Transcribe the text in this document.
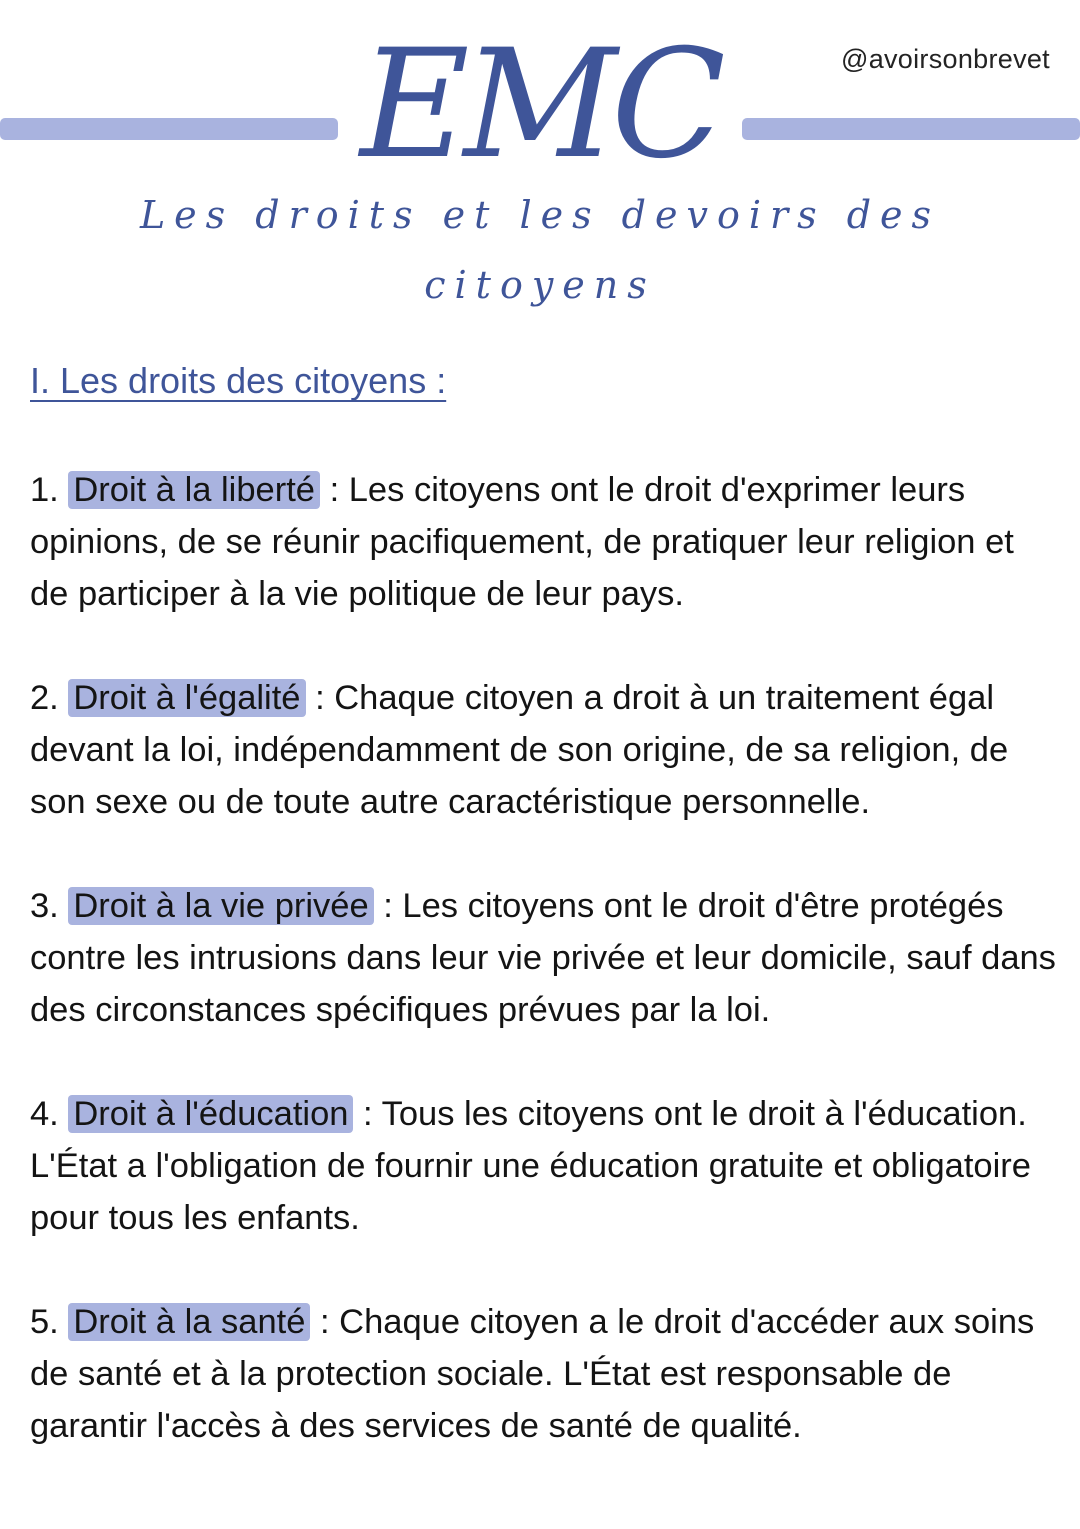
@avoirsonbrevet
EMC
Les droits et les devoirs des citoyens
I. Les droits des citoyens :

1. Droit à la liberté : Les citoyens ont le droit d'exprimer leurs opinions, de se réunir pacifiquement, de pratiquer leur religion et de participer à la vie politique de leur pays.

2. Droit à l'égalité : Chaque citoyen a droit à un traitement égal devant la loi, indépendamment de son origine, de sa religion, de son sexe ou de toute autre caractéristique personnelle.

3. Droit à la vie privée : Les citoyens ont le droit d'être protégés contre les intrusions dans leur vie privée et leur domicile, sauf dans des circonstances spécifiques prévues par la loi.

4. Droit à l'éducation : Tous les citoyens ont le droit à l'éducation. L'État a l'obligation de fournir une éducation gratuite et obligatoire pour tous les enfants.

5. Droit à la santé : Chaque citoyen a le droit d'accéder aux soins de santé et à la protection sociale. L'État est responsable de garantir l'accès à des services de santé de qualité.
